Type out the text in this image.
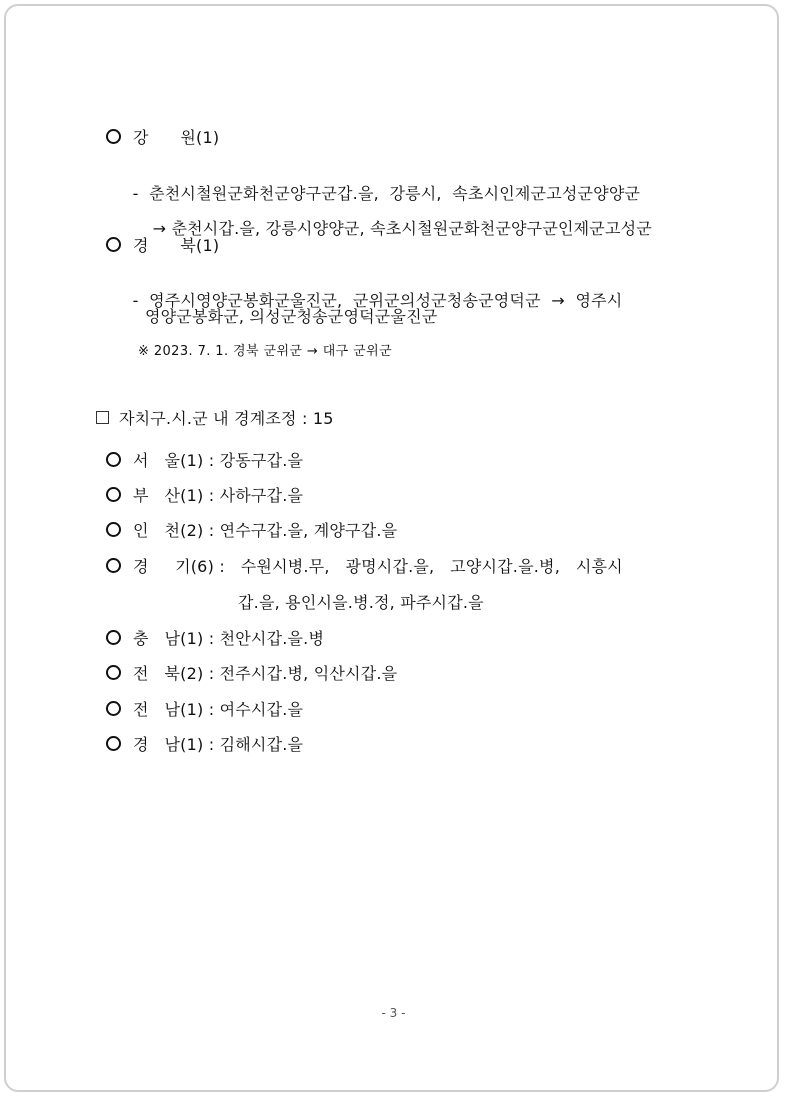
강      원(1)

-  춘천시철원군화천군양구군갑.을,  강릉시,  속초시인제군고성군양양군

→ 춘천시갑.을, 강릉시양양군, 속초시철원군화천군양구군인제군고성군

경      북(1)

-  영주시영양군봉화군울진군,  군위군의성군청송군영덕군  →  영주시

영양군봉화군, 의성군청송군영덕군울진군
※ 2023. 7. 1. 경북 군위군 → 대구 군위군
자치구.시.군 내 경계조정 : 15
서   울(1) : 강동구갑.을
부   산(1) : 사하구갑.을
인   천(2) : 연수구갑.을, 계양구갑.을
경     기(6) :   수원시병.무,   광명시갑.을,   고양시갑.을.병,   시흥시
갑.을, 용인시을.병.정, 파주시갑.을
충   남(1) : 천안시갑.을.병
전   북(2) : 전주시갑.병, 익산시갑.을
전   남(1) : 여수시갑.을
경   남(1) : 김해시갑.을
- 3 -
